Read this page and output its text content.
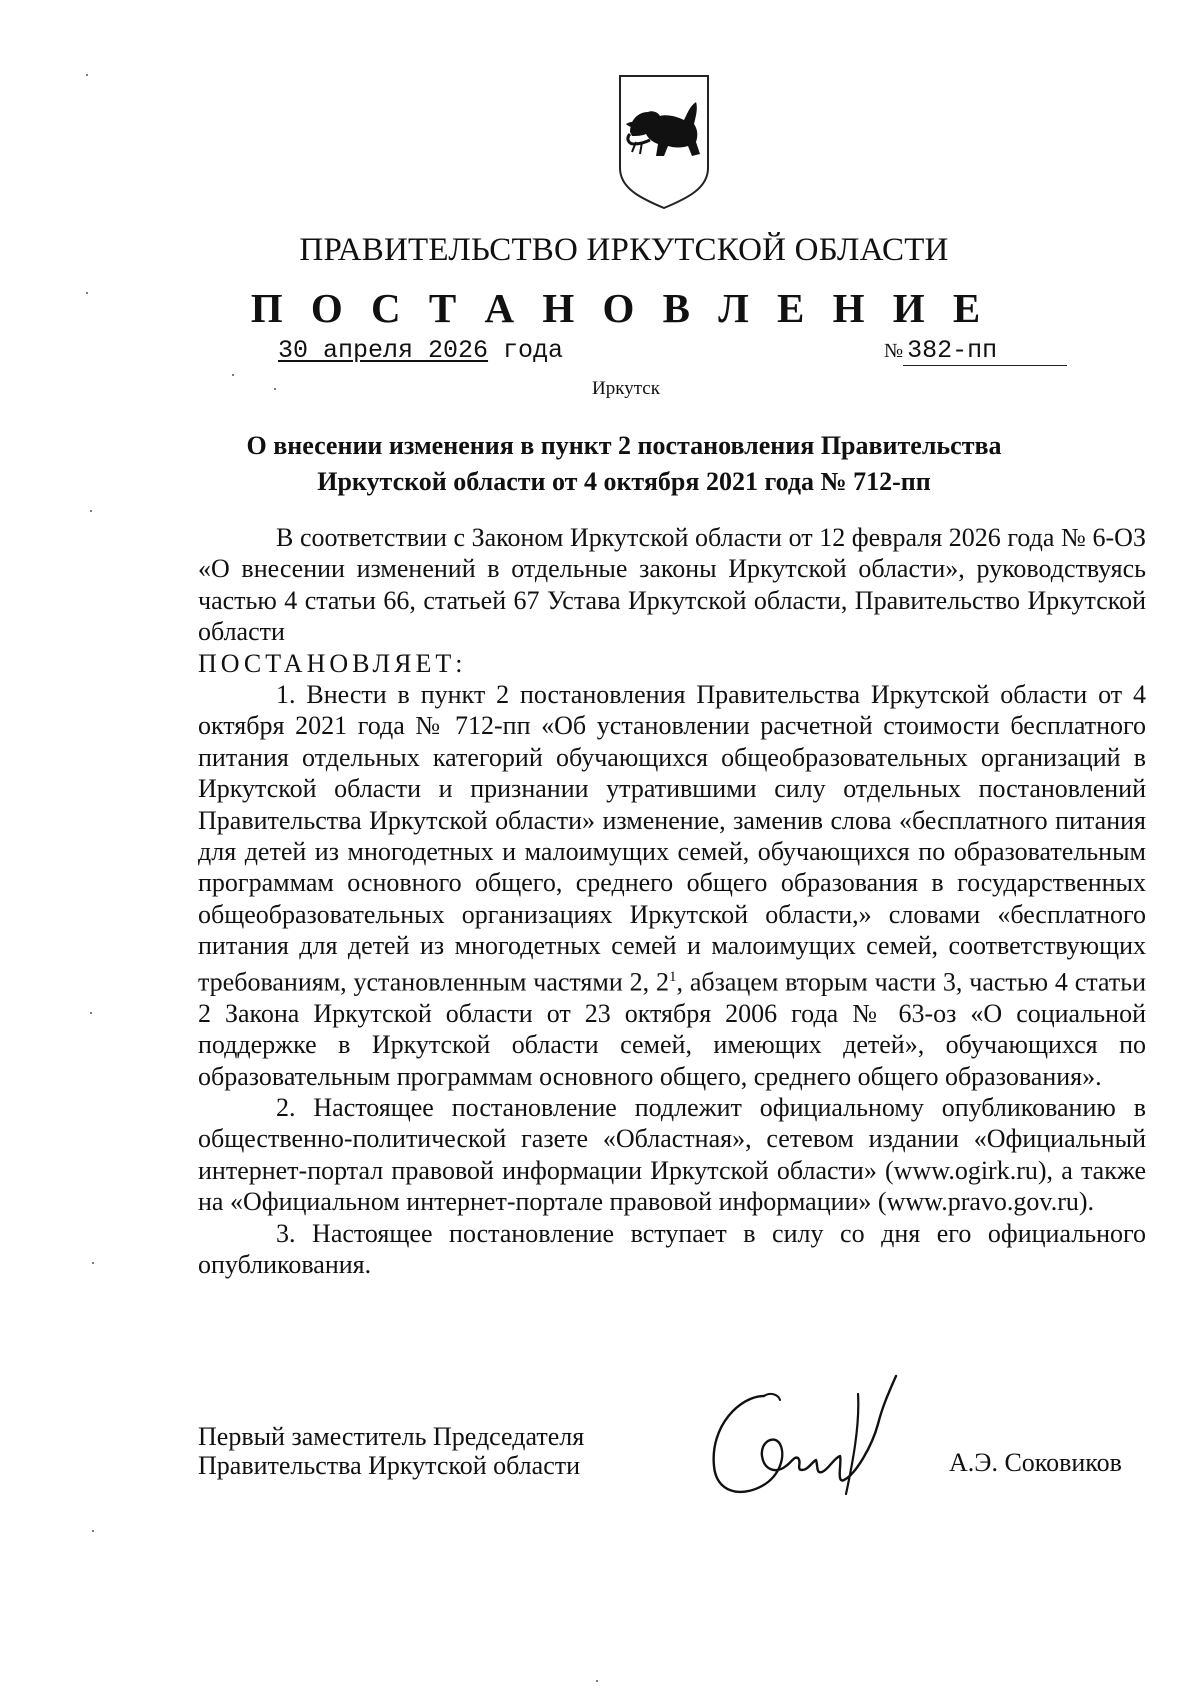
ПРАВИТЕЛЬСТВО ИРКУТСКОЙ ОБЛАСТИ
П О С Т А Н О В Л Е Н И Е
30 апреля 2026 года	№ 382-пп
Иркутск
О внесении изменения в пункт 2 постановления Правительства
Иркутской области от 4 октября 2021 года № 712-пп

В соответствии с Законом Иркутской области от 12 февраля 2026 года № 6-ОЗ «О внесении изменений в отдельные законы Иркутской области», руководствуясь частью 4 статьи 66, статьей 67 Устава Иркутской области, Правительство Иркутской области

ПОСТАНОВЛЯЕТ:

1. Внести в пункт 2 постановления Правительства Иркутской области от 4 октября 2021 года № 712-пп «Об установлении расчетной стоимости бесплатного питания отдельных категорий обучающихся общеобразовательных организаций в Иркутской области и признании утратившими силу отдельных постановлений Правительства Иркутской области» изменение, заменив слова «бесплатного питания для детей из многодетных и малоимущих семей, обучающихся по образовательным программам основного общего, среднего общего образования в государственных общеобразовательных организациях Иркутской области,» словами «бесплатного питания для детей из многодетных семей и малоимущих семей, соответствующих требованиям, установленным частями 2, $2^1$, абзацем вторым части 3, частью 4 статьи 2 Закона Иркутской области от 23 октября 2006 года № 63-оз «О социальной поддержке в Иркутской области семей, имеющих детей», обучающихся по образовательным программам основного общего, среднего общего образования».

2. Настоящее постановление подлежит официальному опубликованию в общественно-политической газете «Областная», сетевом издании «Официальный интернет-портал правовой информации Иркутской области» (www.ogirk.ru), а также на «Официальном интернет-портале правовой информации» (www.pravo.gov.ru).

3. Настоящее постановление вступает в силу со дня его официального опубликования.

Первый заместитель Председателя
Правительства Иркутской области	А.Э. Соковиков
